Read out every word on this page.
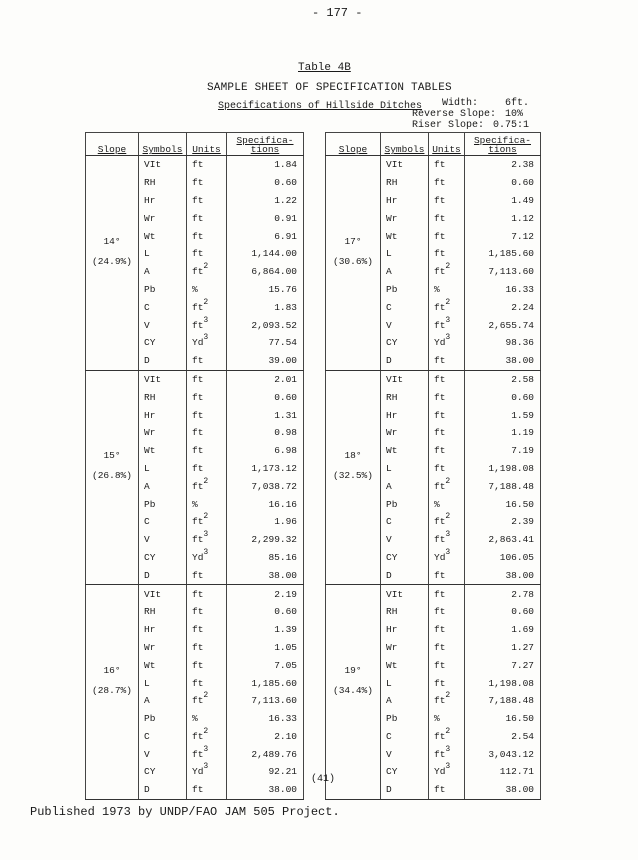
- 177 -
Table 4B
SAMPLE SHEET OF SPECIFICATION TABLES
Specifications of Hillside Ditches Width:	6ft.
Reverse Slope: 10%
Riser Slope: 0.75:1
Slope	Symbols	Units	Specifica-tions

14°
(24.9%)	VIt	ft	1.84
	RH	ft	0.60
	Hr	ft	1.22
	Wr	ft	0.91
	Wt	ft	6.91
	L	ft	1,144.00
	A	$ft^2$	6,864.00
	Pb	%	15.76
	C	$ft^2$	1.83
	V	$ft^3$	2,093.52
	CY	Yd$^3$	77.54
	D	ft	39.00

15°
(26.8%)	VIt	ft	2.01
	RH	ft	0.60
	Hr	ft	1.31
	Wr	ft	0.98
	Wt	ft	6.98
	L	ft	1,173.12
	A	$ft^2$	7,038.72
	Pb	%	16.16
	C	$ft^2$	1.96
	V	$ft^3$	2,299.32
	CY	Yd$^3$	85.16
	D	ft	38.00

16°
(28.7%)	VIt	ft	2.19
	RH	ft	0.60
	Hr	ft	1.39
	Wr	ft	1.05
	Wt	ft	7.05
	L	ft	1,185.60
	A	$ft^2$	7,113.60
	Pb	%	16.33
	C	$ft^2$	2.10
	V	$ft^3$	2,489.76
	CY	Yd$^3$	92.21
	D	ft	38.00
Slope	Symbols	Units	Specifica-tions

17°
(30.6%)	VIt	ft	2.38
	RH	ft	0.60
	Hr	ft	1.49
	Wr	ft	1.12
	Wt	ft	7.12
	L	ft	1,185.60
	A	$ft^2$	7,113.60
	Pb	%	16.33
	C	$ft^2$	2.24
	V	$ft^3$	2,655.74
	CY	Yd$^3$	98.36
	D	ft	38.00

18°
(32.5%)	VIt	ft	2.58
	RH	ft	0.60
	Hr	ft	1.59
	Wr	ft	1.19
	Wt	ft	7.19
	L	ft	1,198.08
	A	$ft^2$	7,188.48
	Pb	%	16.50
	C	$ft^2$	2.39
	V	$ft^3$	2,863.41
	CY	Yd$^3$	106.05
	D	ft	38.00

19°
(34.4%)	VIt	ft	2.78
	RH	ft	0.60
	Hr	ft	1.69
	Wr	ft	1.27
	Wt	ft	7.27
	L	ft	1,198.08
	A	$ft^2$	7,188.48
	Pb	%	16.50
	C	$ft^2$	2.54
	V	$ft^3$	3,043.12
	CY	Yd$^3$	112.71
	D	ft	38.00
(41)
Published 1973 by UNDP/FAO JAM 505 Project.
